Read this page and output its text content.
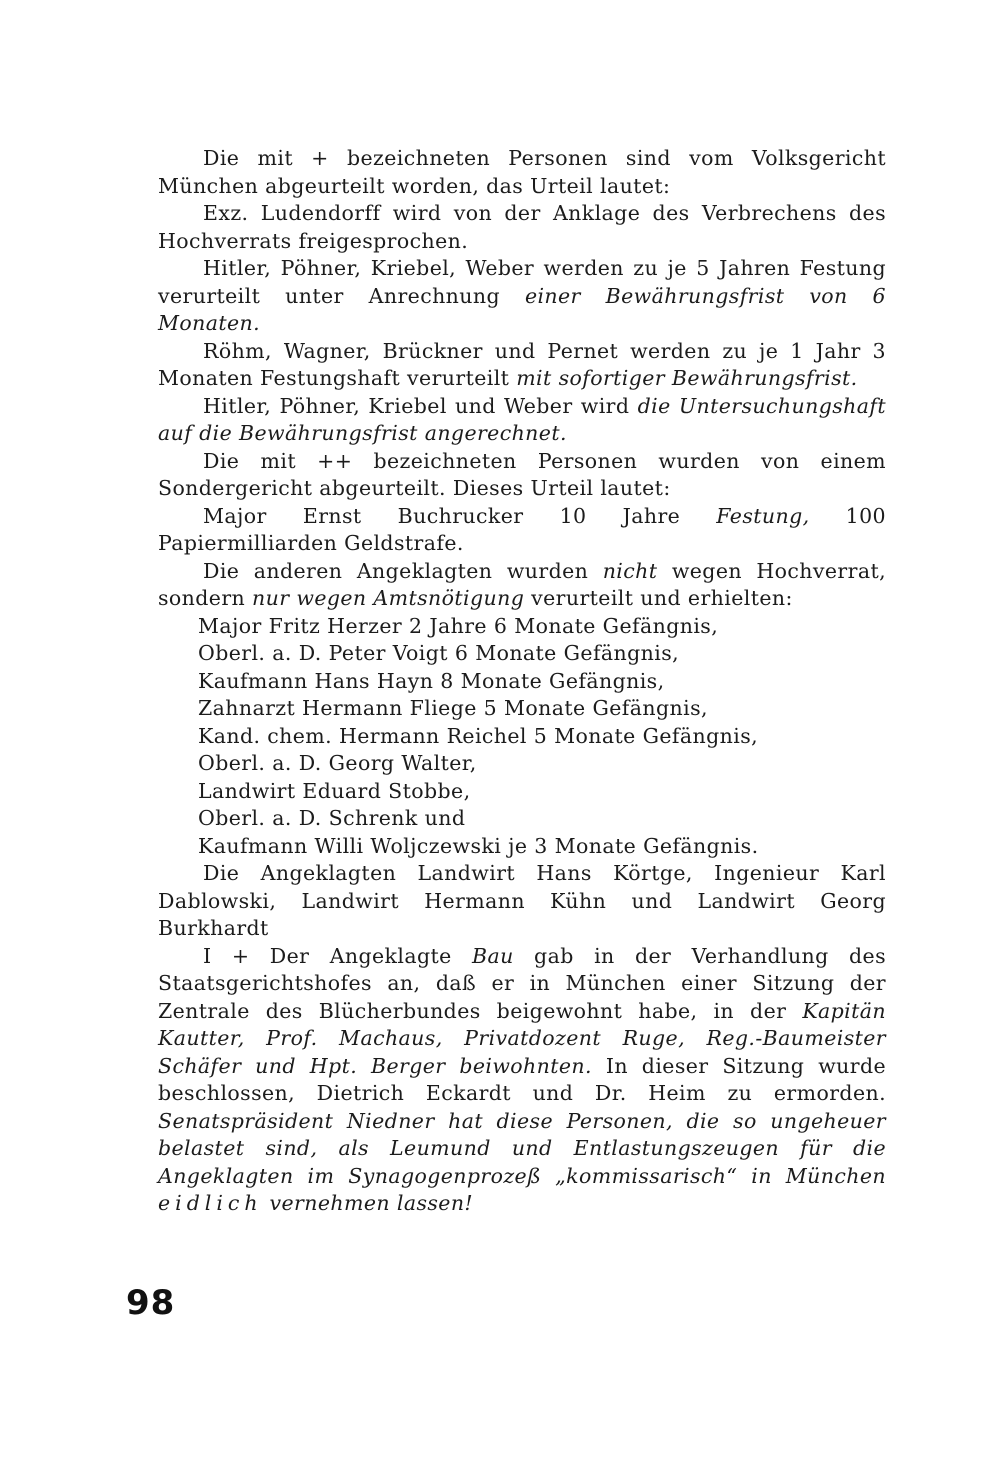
Die mit + bezeichneten Personen sind vom Volksgericht München abgeurteilt worden, das Urteil lautet:

Exz. Ludendorff wird von der Anklage des Verbrechens des Hochverrats freigesprochen.

Hitler, Pöhner, Kriebel, Weber werden zu je 5 Jahren Festung verurteilt unter Anrechnung einer Bewährungsfrist von 6 Monaten.

Röhm, Wagner, Brückner und Pernet werden zu je 1 Jahr 3 Monaten Festungshaft verurteilt mit sofortiger Bewährungsfrist.

Hitler, Pöhner, Kriebel und Weber wird die Untersuchungshaft auf die Bewährungsfrist angerechnet.

Die mit ++ bezeichneten Personen wurden von einem Sondergericht abgeurteilt. Dieses Urteil lautet:

Major Ernst Buchrucker 10 Jahre Festung, 100 Papiermilliarden Geldstrafe.

Die anderen Angeklagten wurden nicht wegen Hochverrat, sondern nur wegen Amtsnötigung verurteilt und erhielten:

Major Fritz Herzer 2 Jahre 6 Monate Gefängnis,
Oberl. a. D. Peter Voigt 6 Monate Gefängnis,
Kaufmann Hans Hayn 8 Monate Gefängnis,
Zahnarzt Hermann Fliege 5 Monate Gefängnis,
Kand. chem. Hermann Reichel 5 Monate Gefängnis,
Oberl. a. D. Georg Walter,
Landwirt Eduard Stobbe,
Oberl. a. D. Schrenk und
Kaufmann Willi Woljczewski je 3 Monate Gefängnis.

Die Angeklagten Landwirt Hans Körtge, Ingenieur Karl Dablowski, Landwirt Hermann Kühn und Landwirt Georg Burkhardt

I + Der Angeklagte Bau gab in der Verhandlung des Staatsgerichtshofes an, daß er in München einer Sitzung der Zentrale des Blücherbundes beigewohnt habe, in der Kapitän Kautter, Prof. Machaus, Privatdozent Ruge, Reg.-Baumeister Schäfer und Hpt. Berger beiwohnten. In dieser Sitzung wurde beschlossen, Dietrich Eckardt und Dr. Heim zu ermorden. Senatspräsident Niedner hat diese Personen, die so ungeheuer belastet sind, als Leumund und Entlastungszeugen für die Angeklagten im Synagogenprozeß „kommissarisch“ in München eidlich vernehmen lassen!

98
